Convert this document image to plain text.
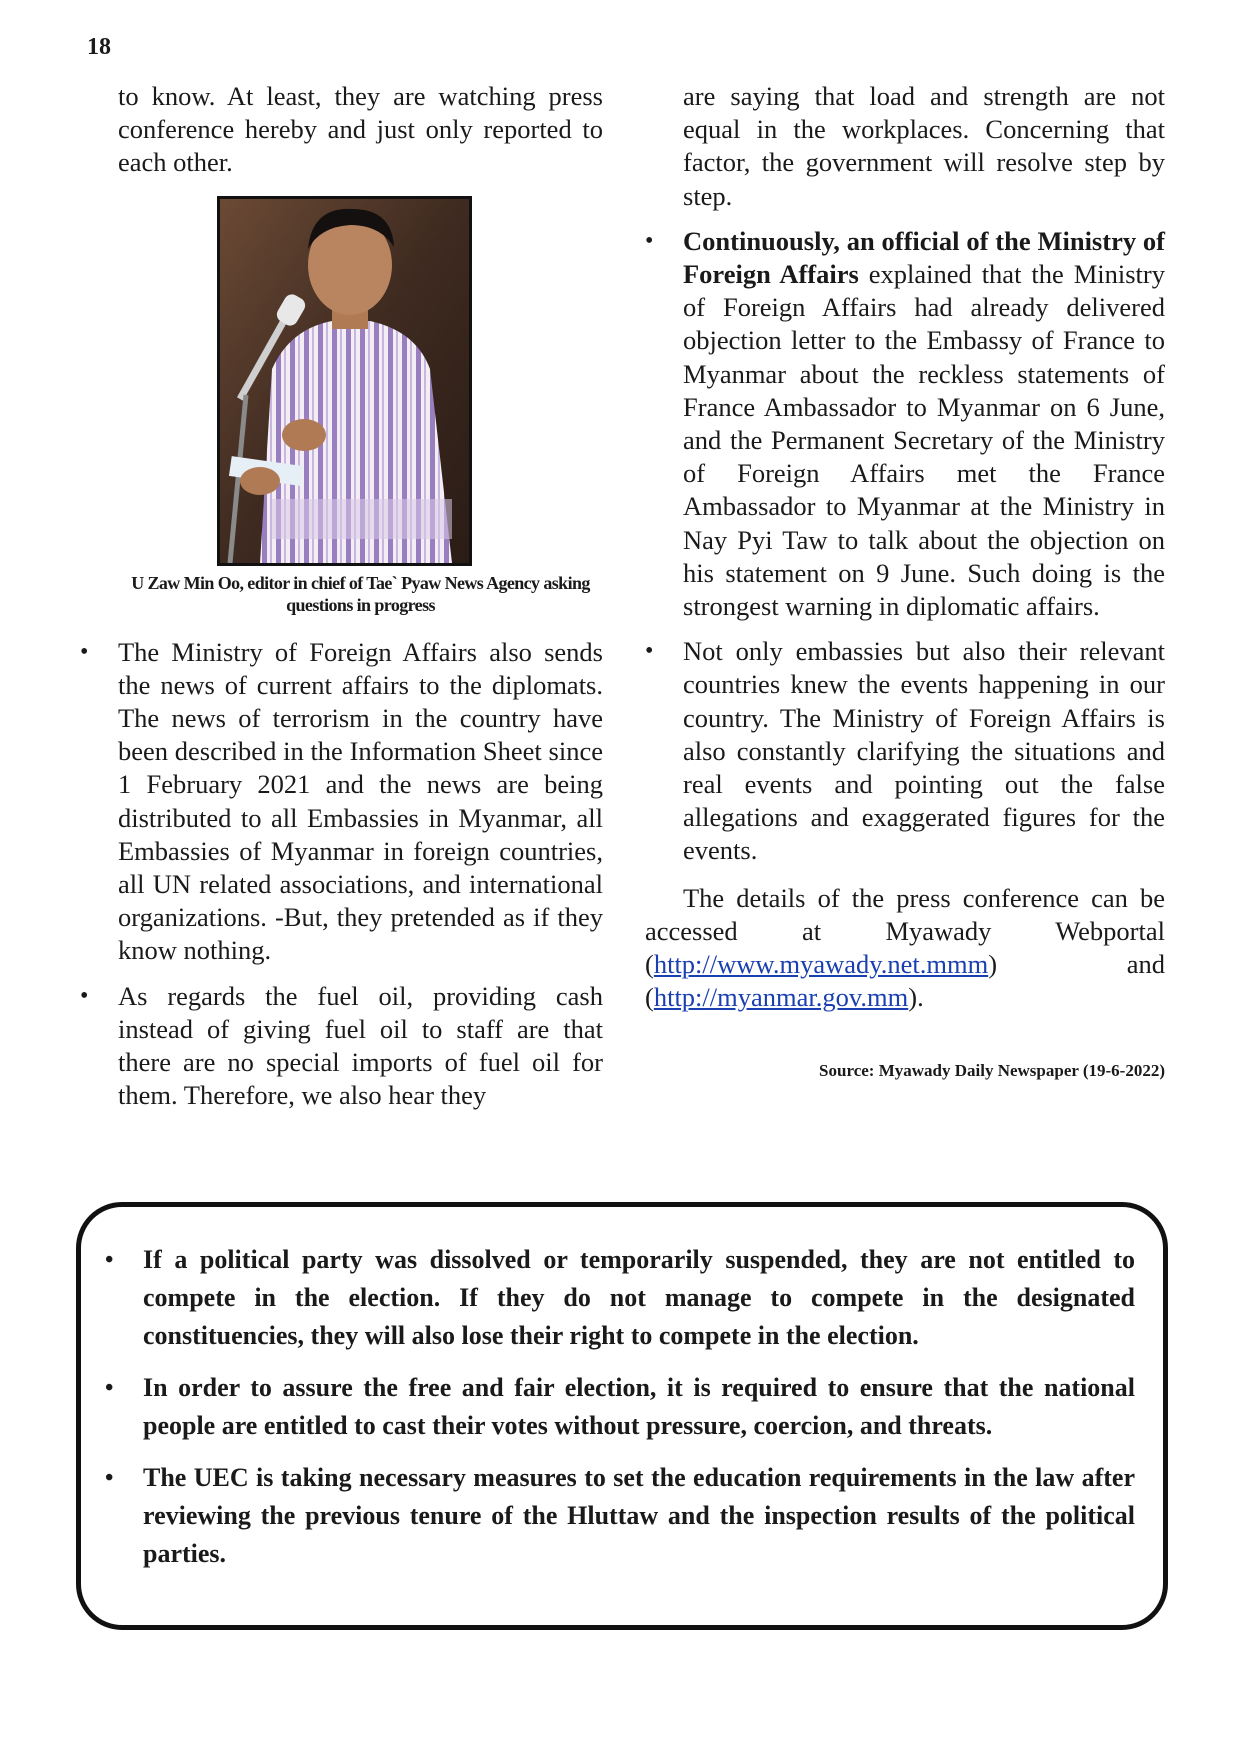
18

to know. At least, they are watching press conference hereby and just only reported to each other.

U Zaw Min Oo, editor in chief of Tae` Pyaw News Agency asking
questions in progress
• The Ministry of Foreign Affairs also sends the news of current affairs to the diplomats. The news of terrorism in the country have been described in the Information Sheet since 1 February 2021 and the news are being distributed to all Embassies in Myanmar, all Embassies of Myanmar in foreign countries, all UN related associations, and international organizations. -But, they pretended as if they know nothing.
• As regards the fuel oil, providing cash instead of giving fuel oil to staff are that there are no special imports of fuel oil for them. Therefore, we also hear they

are saying that load and strength are not equal in the workplaces. Concerning that factor, the government will resolve step by step.

• Continuously, an official of the Ministry of Foreign Affairs explained that the Ministry of Foreign Affairs had already delivered objection letter to the Embassy of France to Myanmar about the reckless statements of France Ambassador to Myanmar on 6 June, and the Permanent Secretary of the Ministry of Foreign Affairs met the France Ambassador to Myanmar at the Ministry in Nay Pyi Taw to talk about the objection on his statement on 9 June. Such doing is the strongest warning in diplomatic affairs.
• Not only embassies but also their relevant countries knew the events happening in our country. The Ministry of Foreign Affairs is also constantly clarifying the situations and real events and pointing out the false allegations and exaggerated figures for the events.

The details of the press conference can be accessed at Myawady Webportal (http://www.myawady.net.mmm)	and (http://myanmar.gov.mm).

Source: Myawady Daily Newspaper (19-6-2022)
• If a political party was dissolved or temporarily suspended, they are not entitled to compete in the election. If they do not manage to compete in the designated constituencies, they will also lose their right to compete in the election.
• In order to assure the free and fair election, it is required to ensure that the national people are entitled to cast their votes without pressure, coercion, and threats.
• The UEC is taking necessary measures to set the education requirements in the law after reviewing the previous tenure of the Hluttaw and the inspection results of the political parties.
